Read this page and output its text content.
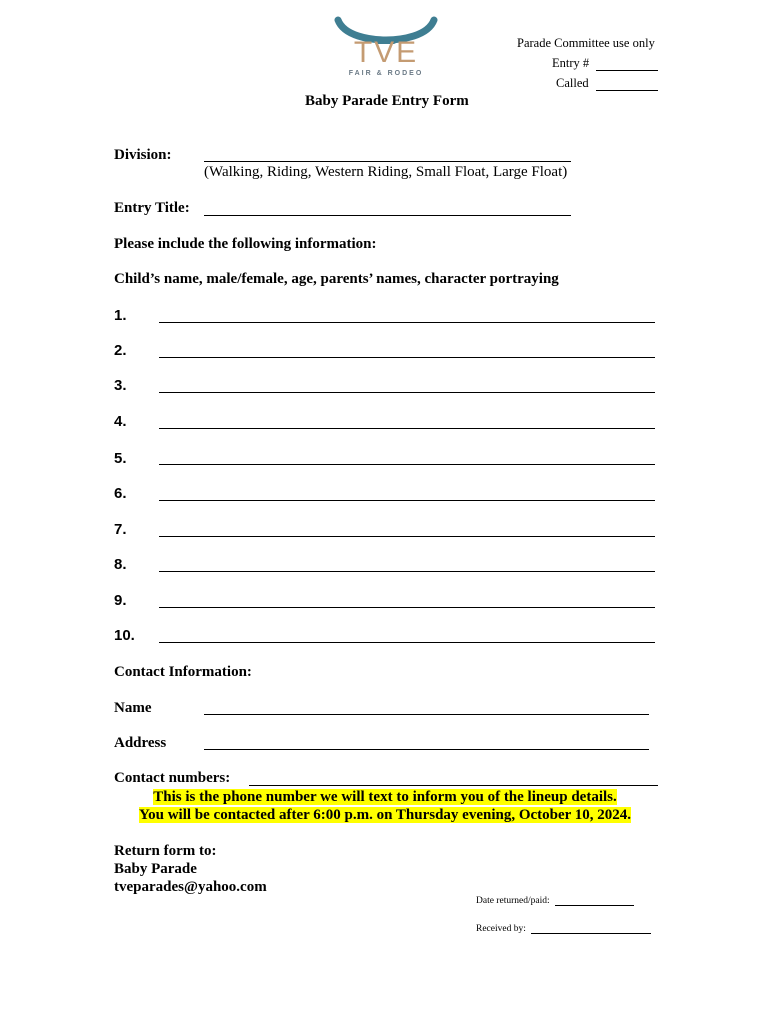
TVE
FAIR & RODEO
Parade Committee use only
Entry #
Called
Baby Parade Entry Form
Division:
(Walking, Riding, Western Riding, Small Float, Large Float)
Entry Title:
Please include the following information:
Child’s name, male/female, age, parents’ names, character portraying
1.
2.
3.
4.
5.
6.
7.
8.
9.
10.
Contact Information:
Name
Address
Contact numbers:
This is the phone number we will text to inform you of the lineup details.
You will be contacted after 6:00 p.m. on Thursday evening, October 10, 2024.
Return form to:
Baby Parade
tveparades@yahoo.com
Date returned/paid:
Received by:
